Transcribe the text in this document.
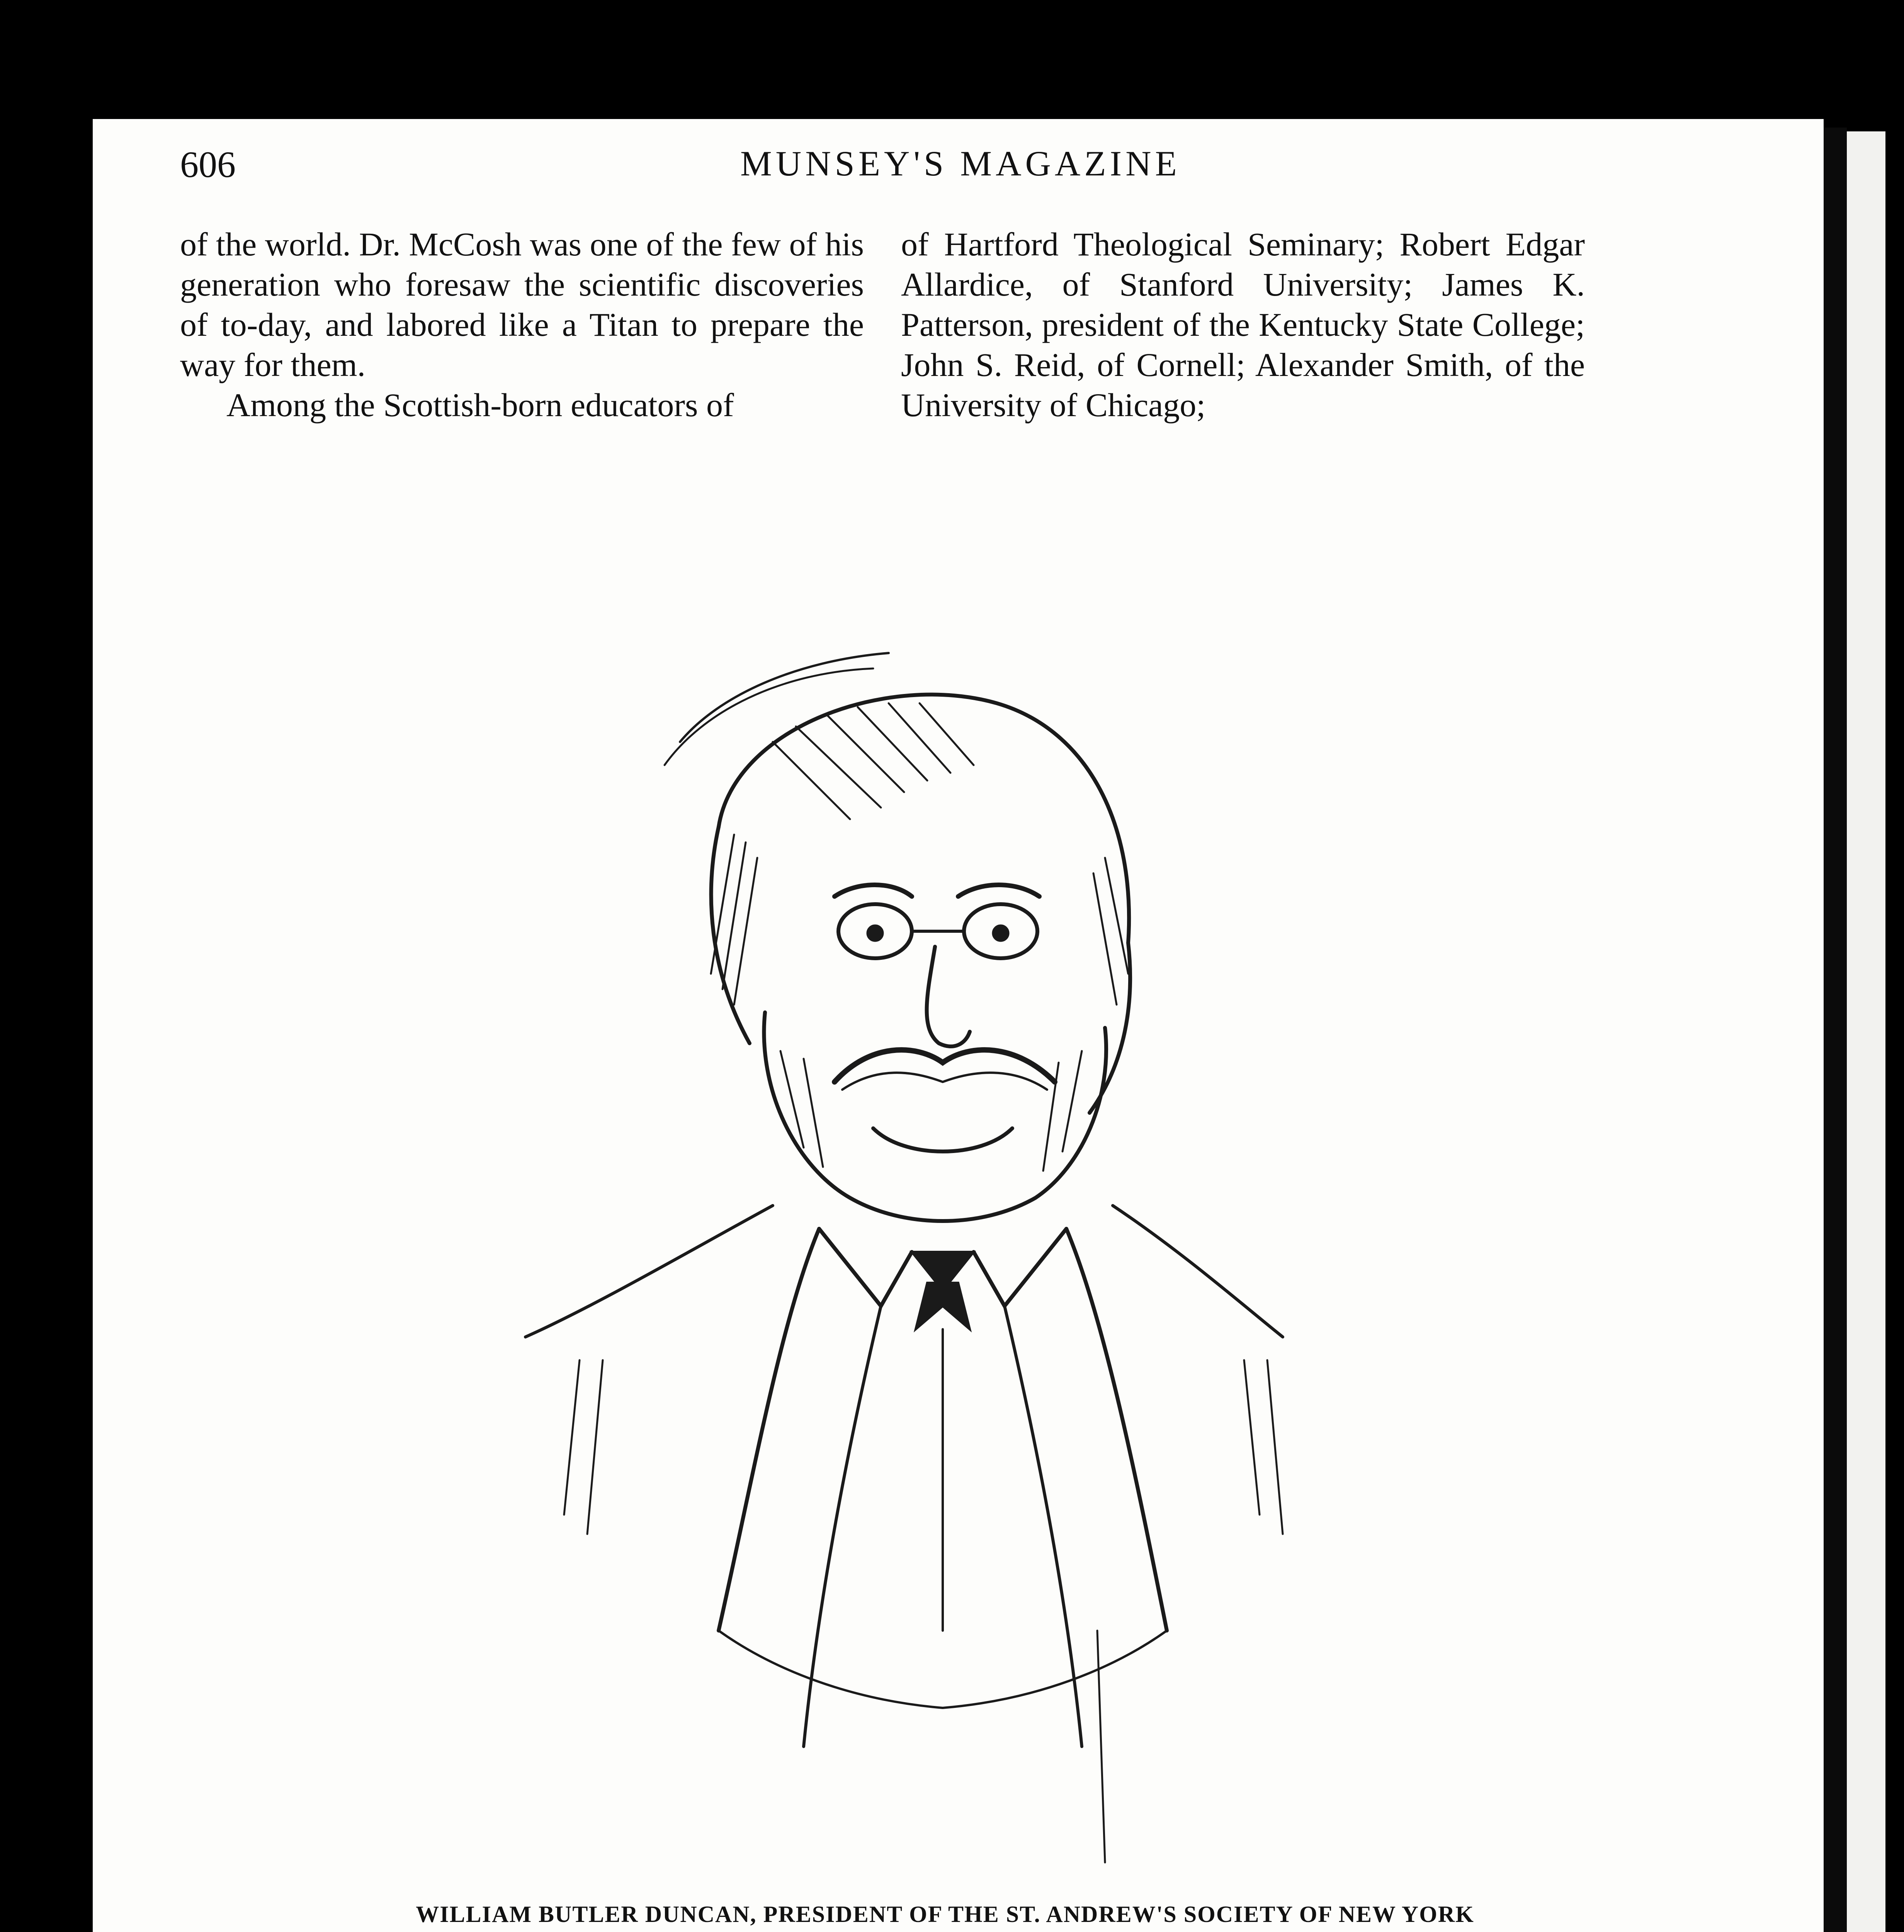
606	MUNSEY'S MAGAZINE

of the world. Dr. McCosh was one of the few of his generation who foresaw the scientific discoveries of to-day, and labored like a Titan to prepare the way for them.

Among the Scottish-born educators of

of Hartford Theological Seminary; Robert Edgar Allardice, of Stanford University; James K. Patterson, president of the Kentucky State College; John S. Reid, of Cornell; Alexander Smith, of the University of Chicago;

WILLIAM BUTLER DUNCAN, PRESIDENT OF THE ST. ANDREW'S SOCIETY OF NEW YORK
